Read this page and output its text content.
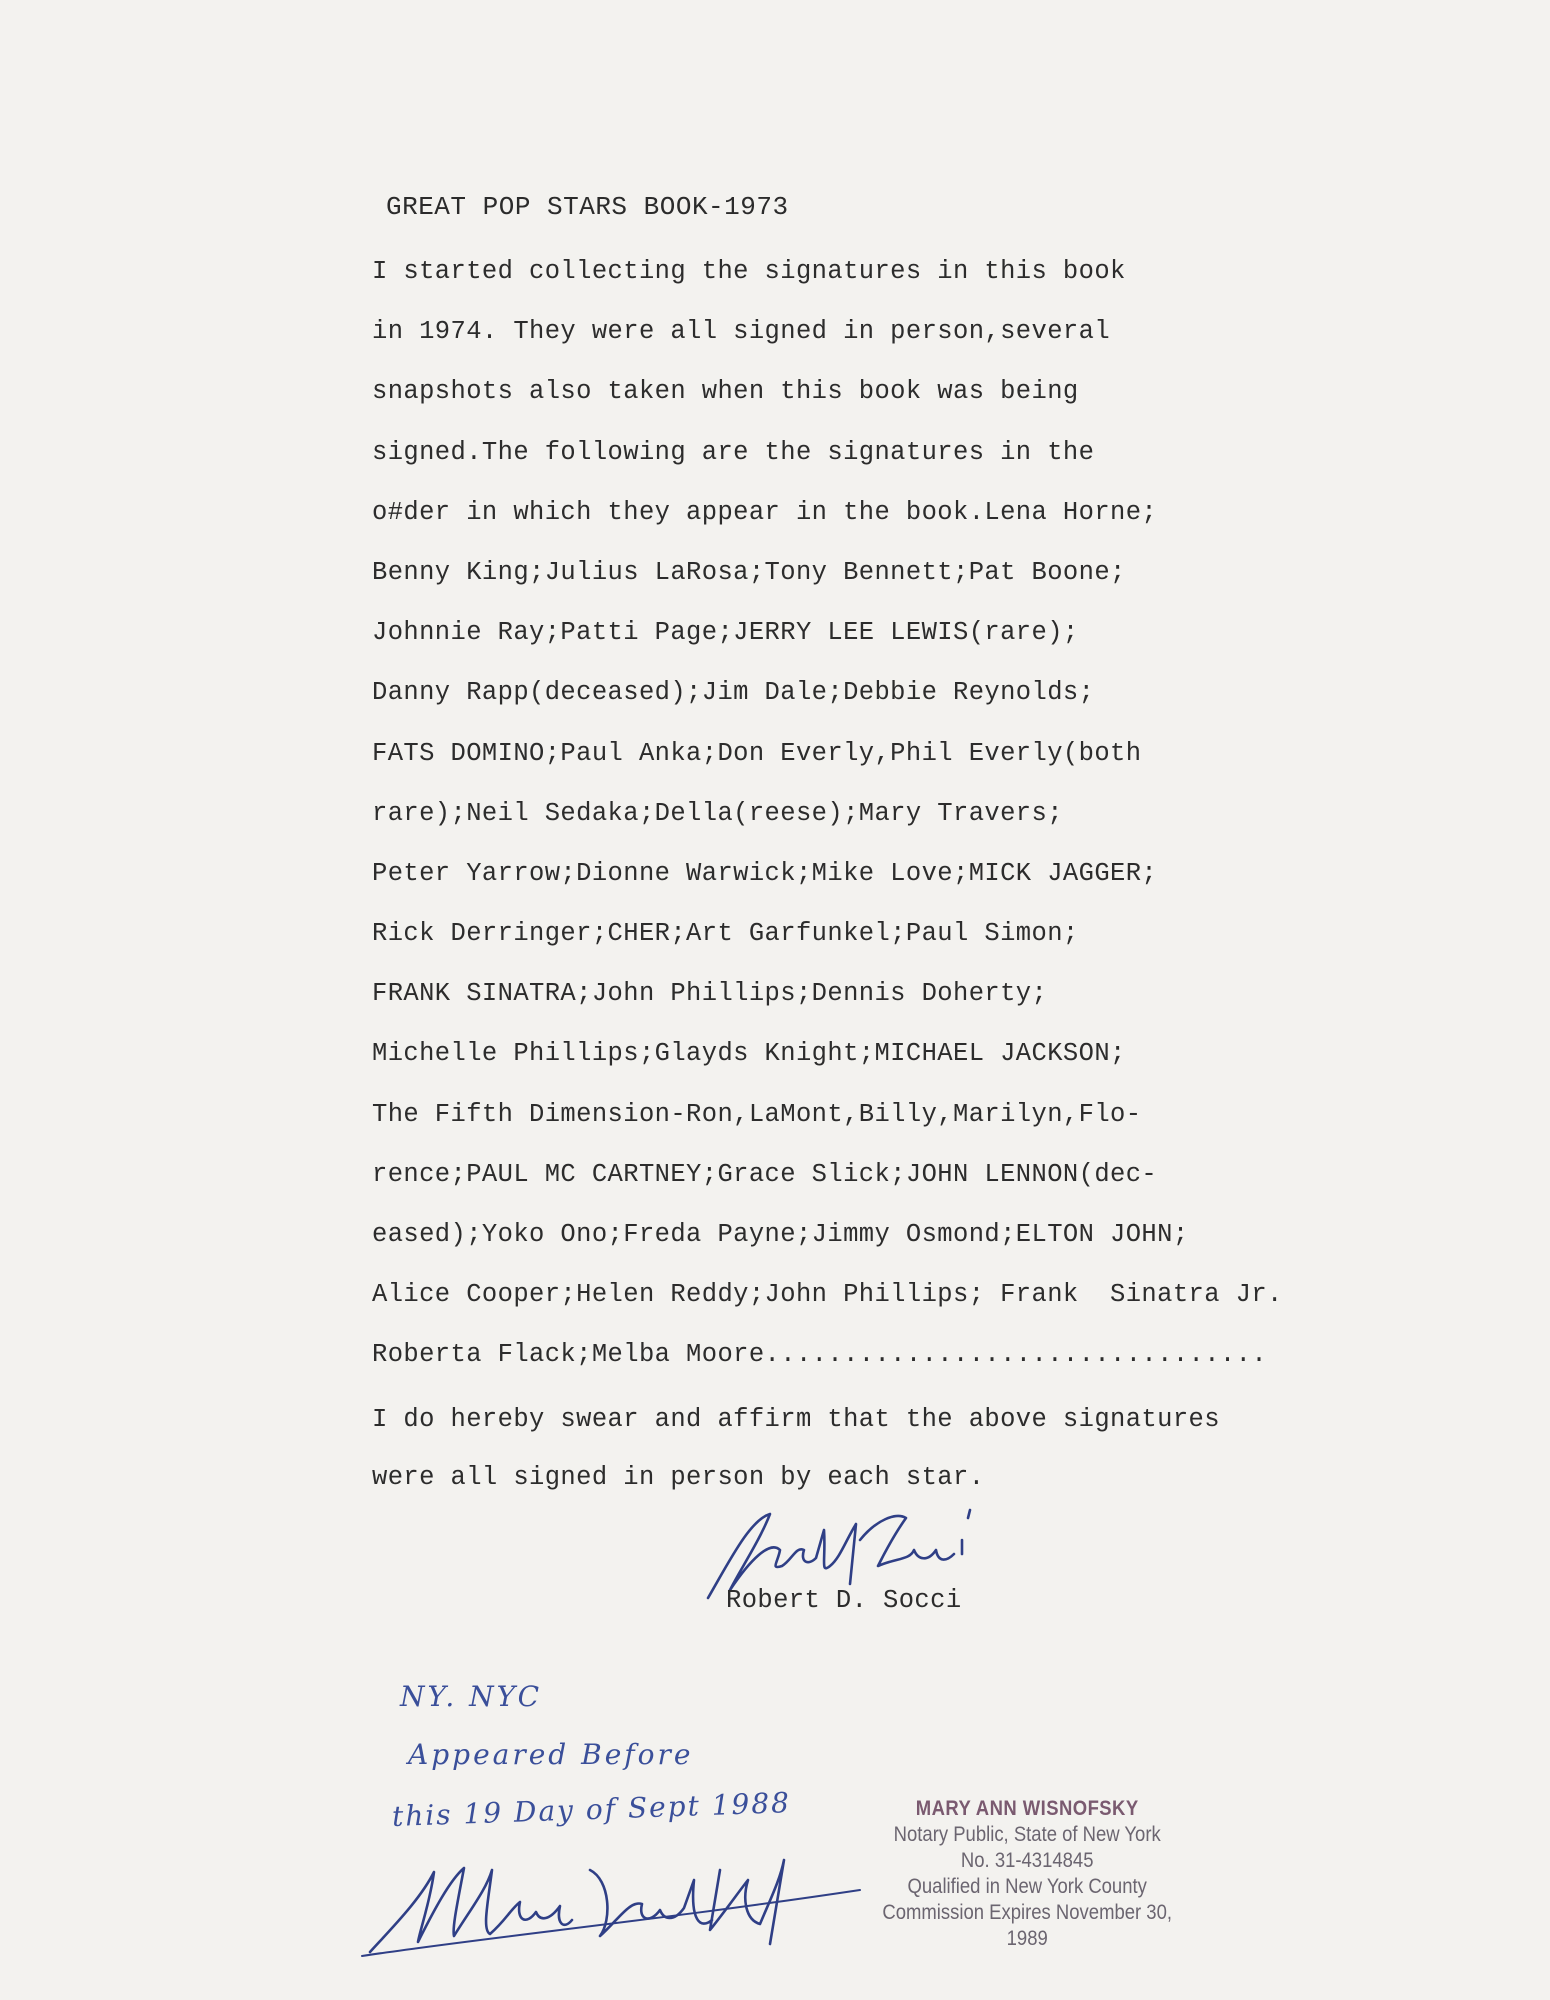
GREAT POP STARS BOOK-1973
I started collecting the signatures in this book
in 1974. They were all signed in person,several
snapshots also taken when this book was being
signed.The following are the signatures in the
o#der in which they appear in the book.Lena Horne;
Benny King;Julius LaRosa;Tony Bennett;Pat Boone;
Johnnie Ray;Patti Page;JERRY LEE LEWIS(rare);
Danny Rapp(deceased);Jim Dale;Debbie Reynolds;
FATS DOMINO;Paul Anka;Don Everly,Phil Everly(both
rare);Neil Sedaka;Della(reese);Mary Travers;
Peter Yarrow;Dionne Warwick;Mike Love;MICK JAGGER;
Rick Derringer;CHER;Art Garfunkel;Paul Simon;
FRANK SINATRA;John Phillips;Dennis Doherty;
Michelle Phillips;Glayds Knight;MICHAEL JACKSON;
The Fifth Dimension-Ron,LaMont,Billy,Marilyn,Flo-
rence;PAUL MC CARTNEY;Grace Slick;JOHN LENNON(dec-
eased);Yoko Ono;Freda Payne;Jimmy Osmond;ELTON JOHN;
Alice Cooper;Helen Reddy;John Phillips; Frank  Sinatra Jr.
Roberta Flack;Melba Moore................................
I do hereby swear and affirm that the above signatures
were all signed in person by each star.
Robert D. Socci
NY. NYC
Appeared Before
this 19 Day of Sept 1988	MARY ANN WISNOFSKY
Notary Public, State of New York
No. 31-4314845
Qualified in New York County
Commission Expires November 30, 1989
